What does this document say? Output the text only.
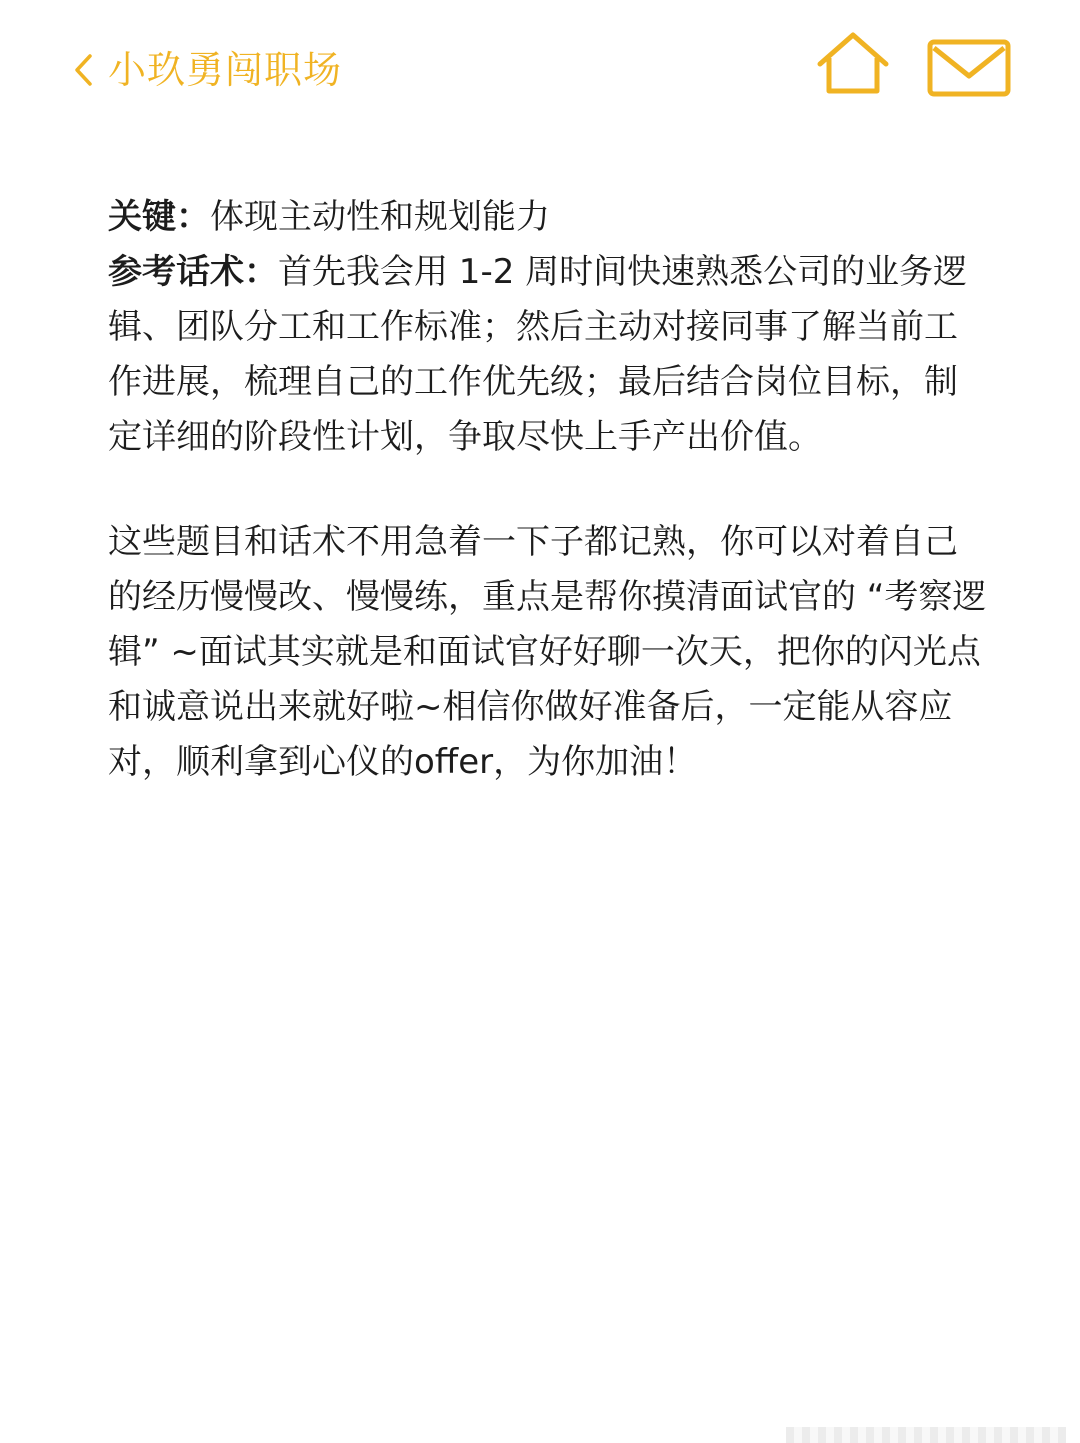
小玖勇闯职场

关键：体现主动性和规划能力

参考话术：首先我会用 1-2 周时间快速熟悉公司的业务逻辑、团队分工和工作标准；然后主动对接同事了解当前工作进展，梳理自己的工作优先级；最后结合岗位目标，制定详细的阶段性计划，争取尽快上手产出价值。

这些题目和话术不用急着一下子都记熟，你可以对着自己的经历慢慢改、慢慢练，重点是帮你摸清面试官的 “考察逻辑” ~面试其实就是和面试官好好聊一次天，把你的闪光点和诚意说出来就好啦~相信你做好准备后，一定能从容应对，顺利拿到心仪的offer，为你加油！
